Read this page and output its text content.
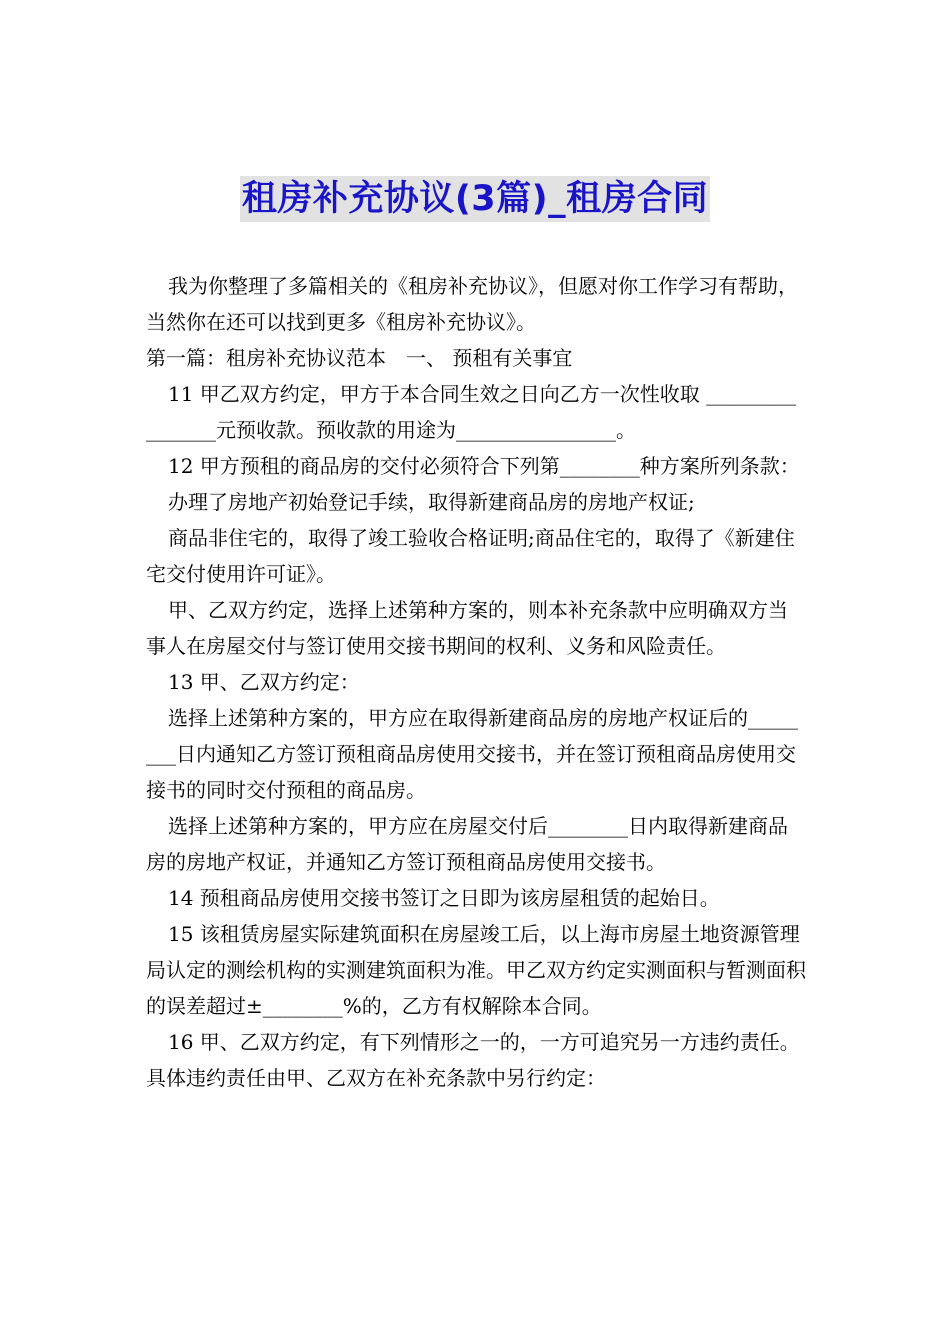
租房补充协议(3篇)_租房合同

我为你整理了多篇相关的《租房补充协议》，但愿对你工作学习有帮助，当然你在还可以找到更多《租房补充协议》。

第一篇：租房补充协议范本　一、 预租有关事宜

11 甲乙双方约定，甲方于本合同生效之日向乙方一次性收取 ________________元预收款。预收款的用途为________________。

12 甲方预租的商品房的交付必须符合下列第________种方案所列条款：

办理了房地产初始登记手续，取得新建商品房的房地产权证;

商品非住宅的，取得了竣工验收合格证明;商品住宅的，取得了《新建住宅交付使用许可证》。

甲、乙双方约定，选择上述第种方案的，则本补充条款中应明确双方当事人在房屋交付与签订使用交接书期间的权利、义务和风险责任。

13 甲、乙双方约定：

选择上述第种方案的，甲方应在取得新建商品房的房地产权证后的________日内通知乙方签订预租商品房使用交接书，并在签订预租商品房使用交接书的同时交付预租的商品房。

选择上述第种方案的，甲方应在房屋交付后________日内取得新建商品房的房地产权证，并通知乙方签订预租商品房使用交接书。

14 预租商品房使用交接书签订之日即为该房屋租赁的起始日。

15 该租赁房屋实际建筑面积在房屋竣工后，以上海市房屋土地资源管理局认定的测绘机构的实测建筑面积为准。甲乙双方约定实测面积与暂测面积的误差超过±________%的，乙方有权解除本合同。

16 甲、乙双方约定，有下列情形之一的，一方可追究另一方违约责任。具体违约责任由甲、乙双方在补充条款中另行约定：
